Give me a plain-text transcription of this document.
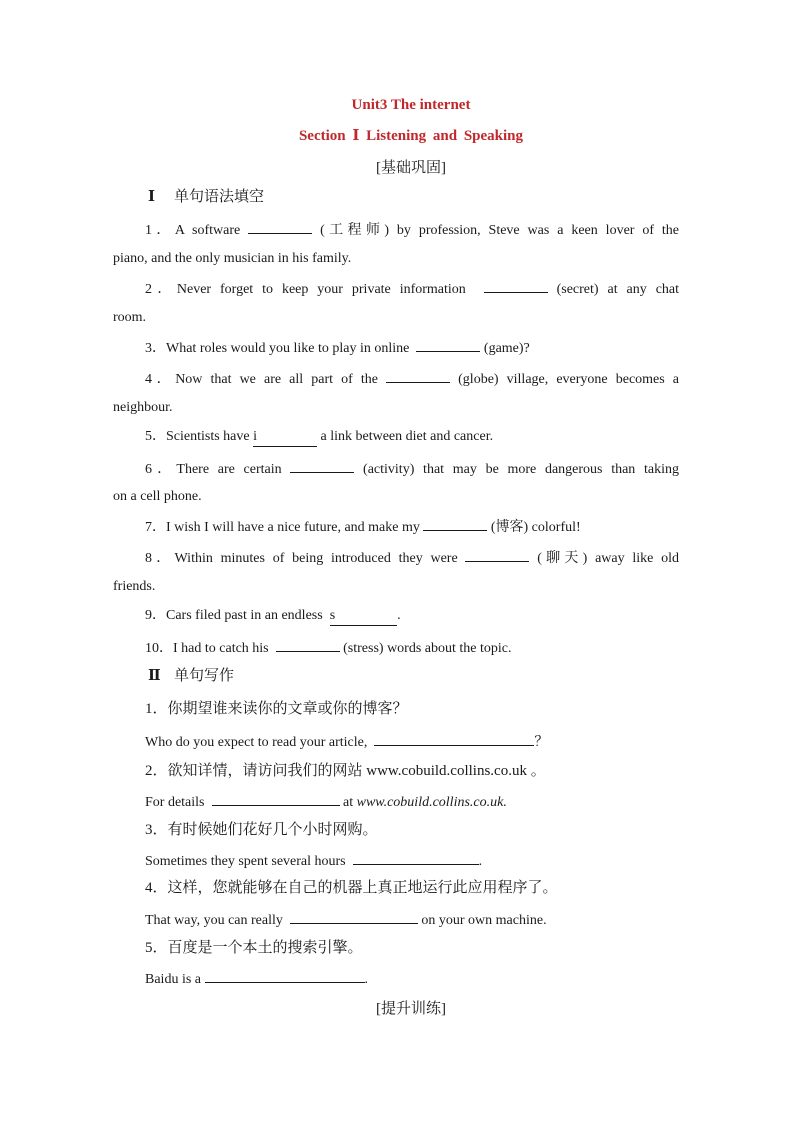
Unit3 The internet
Section Ⅰ Listening and Speaking
[基础巩固]
Ⅰ 单句语法填空
1．A software	(工程师) by profession, Steve was a keen lover of the
piano, and the only musician in his family.
2．Never forget to keep your private information	(secret) at any chat
room.
3．What roles would you like to play in online	(game)?
4．Now that we are all part of the	(globe) village, everyone becomes a
neighbour.
5．Scientists have i	a link between diet and cancer.
6．There are certain	(activity) that may be more dangerous than taking
on a cell phone.
7．I wish I will have a nice future, and make my	(博客) colorful!
8．Within minutes of being introduced they were	(聊天) away like old
friends.
9．Cars filed past in an endless s	.
10．I had to catch his	(stress) words about the topic.
Ⅱ 单句写作
1．你期望谁来读你的文章或你的博客？
Who do you expect to read your article,	？
2．欲知详情，请访问我们的网站 www.cobuild.collins.co.uk 。
For details	at www.cobuild.collins.co.uk.
3．有时候她们花好几个小时网购。
Sometimes they spent several hours	.
4．这样，您就能够在自己的机器上真正地运行此应用程序了。
That way, you can really	on your own machine.
5．百度是一个本土的搜索引擎。
Baidu is a	.
[提升训练]
